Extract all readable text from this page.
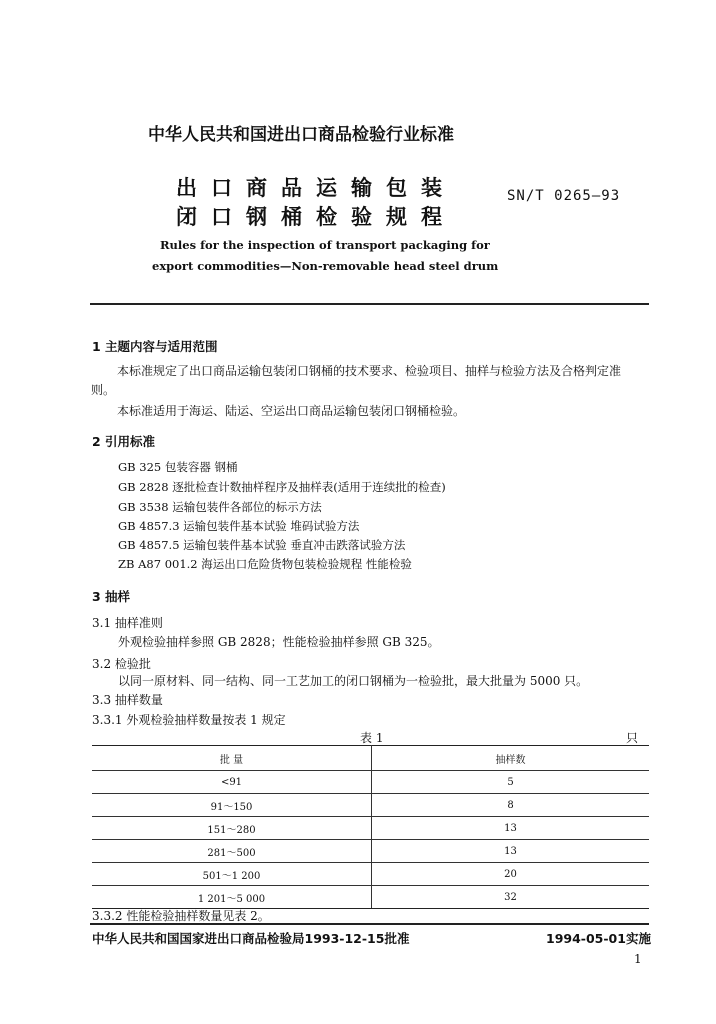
中华人民共和国进出口商品检验行业标准
出口商品运输包装
闭口钢桶检验规程
SN/T 0265—93
Rules for the inspection of transport packaging for
export commodities—Non-removable head steel drum
1 主题内容与适用范围
本标准规定了出口商品运输包装闭口钢桶的技术要求、检验项目、抽样与检验方法及合格判定准
则。
本标准适用于海运、陆运、空运出口商品运输包装闭口钢桶检验。
2 引用标准
GB 325 包装容器 钢桶
GB 2828 逐批检查计数抽样程序及抽样表(适用于连续批的检查)
GB 3538 运输包装件各部位的标示方法
GB 4857.3 运输包装件基本试验 堆码试验方法
GB 4857.5 运输包装件基本试验 垂直冲击跌落试验方法
ZB A87 001.2 海运出口危险货物包装检验规程 性能检验
3 抽样
3.1 抽样准则
外观检验抽样参照 GB 2828；性能检验抽样参照 GB 325。
3.2 检验批
以同一原材料、同一结构、同一工艺加工的闭口钢桶为一检验批，最大批量为 5000 只。
3.3 抽样数量
3.3.1 外观检验抽样数量按表 1 规定
表 1	只
批 量	抽样数
<91	5
91～150	8
151～280	13
281～500	13
501～1 200	20
1 201～5 000	32
3.3.2 性能检验抽样数量见表 2。
中华人民共和国国家进出口商品检验局1993-12-15批准	1994-05-01实施
1
